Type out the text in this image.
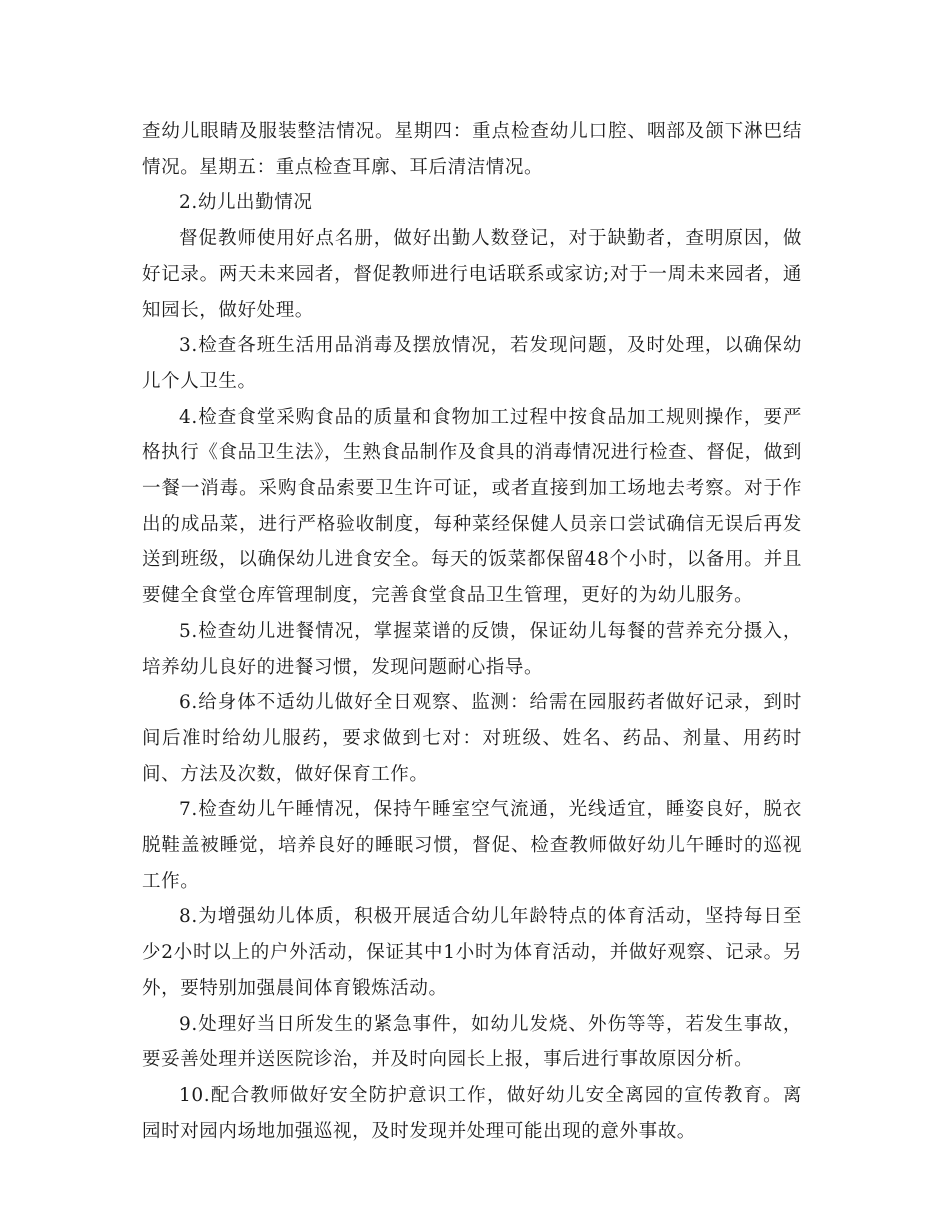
查幼儿眼睛及服装整洁情况。星期四：重点检查幼儿口腔、咽部及颌下淋巴结情况。星期五：重点检查耳廓、耳后清洁情况。

2.幼儿出勤情况

督促教师使用好点名册，做好出勤人数登记，对于缺勤者，查明原因，做好记录。两天未来园者，督促教师进行电话联系或家访;对于一周未来园者，通知园长，做好处理。

3.检查各班生活用品消毒及摆放情况，若发现问题，及时处理，以确保幼儿个人卫生。

4.检查食堂采购食品的质量和食物加工过程中按食品加工规则操作，要严格执行《食品卫生法》，生熟食品制作及食具的消毒情况进行检查、督促，做到一餐一消毒。采购食品索要卫生许可证，或者直接到加工场地去考察。对于作出的成品菜，进行严格验收制度，每种菜经保健人员亲口尝试确信无误后再发送到班级，以确保幼儿进食安全。每天的饭菜都保留48个小时，以备用。并且要健全食堂仓库管理制度，完善食堂食品卫生管理，更好的为幼儿服务。

5.检查幼儿进餐情况，掌握菜谱的反馈，保证幼儿每餐的营养充分摄入，培养幼儿良好的进餐习惯，发现问题耐心指导。

6.给身体不适幼儿做好全日观察、监测：给需在园服药者做好记录，到时间后准时给幼儿服药，要求做到七对：对班级、姓名、药品、剂量、用药时间、方法及次数，做好保育工作。

7.检查幼儿午睡情况，保持午睡室空气流通，光线适宜，睡姿良好，脱衣脱鞋盖被睡觉，培养良好的睡眠习惯，督促、检查教师做好幼儿午睡时的巡视工作。

8.为增强幼儿体质，积极开展适合幼儿年龄特点的体育活动，坚持每日至少2小时以上的户外活动，保证其中1小时为体育活动，并做好观察、记录。另外，要特别加强晨间体育锻炼活动。

9.处理好当日所发生的紧急事件，如幼儿发烧、外伤等等，若发生事故，要妥善处理并送医院诊治，并及时向园长上报，事后进行事故原因分析。

10.配合教师做好安全防护意识工作，做好幼儿安全离园的宣传教育。离园时对园内场地加强巡视，及时发现并处理可能出现的意外事故。
